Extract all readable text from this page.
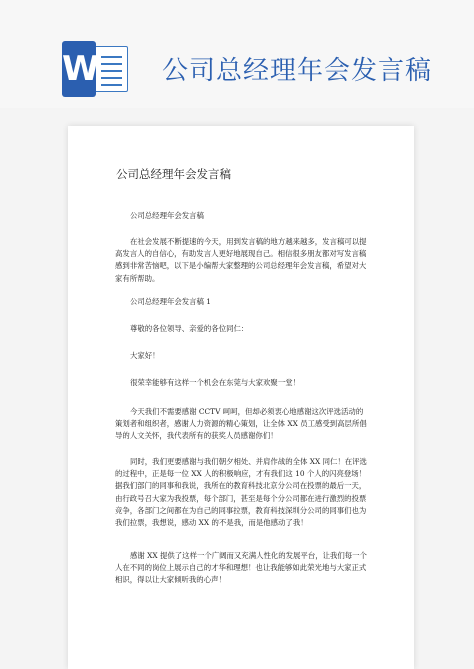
W 公司总经理年会发言稿
公司总经理年会发言稿

公司总经理年会发言稿

在社会发展不断提速的今天，用到发言稿的地方越来越多，发言稿可以提高发言人的自信心，有助发言人更好地展现自己。相信很多朋友都对写发言稿感到非常苦恼吧，以下是小编帮大家整理的公司总经理年会发言稿，希望对大家有所帮助。

公司总经理年会发言稿 1

尊敬的各位领导、亲爱的各位同仁：

大家好！

很荣幸能够有这样一个机会在东莞与大家欢聚一堂！

今天我们不需要感谢 CCTV 呵呵，但却必须衷心地感谢这次评选活动的策划者和组织者，感谢人力资源的精心策划，让全体 XX 员工感受到高层所倡导的人文关怀，我代表所有的获奖人员感谢你们！

同时，我们更要感谢与我们朝夕相处、并肩作战的全体 XX 同仁！在评选的过程中，正是每一位 XX 人的积极响应，才有我们这 10 个人的闪亮登场！据我们部门的同事和我说，我所在的教育科技北京分公司在投票的最后一天，由行政号召大家为我投票，每个部门，甚至是每个分公司都在进行激烈的投票竞争，各部门之间都在为自己的同事拉票，教育科技深圳分公司的同事们也为我们拉票，我想说，感动 XX 的不是我，而是他感动了我！

感谢 XX 提供了这样一个广阔而又充满人性化的发展平台，让我们每一个人在不同的岗位上展示自己的才华和理想！也让我能够如此荣光地与大家正式相识，得以让大家倾听我的心声！
